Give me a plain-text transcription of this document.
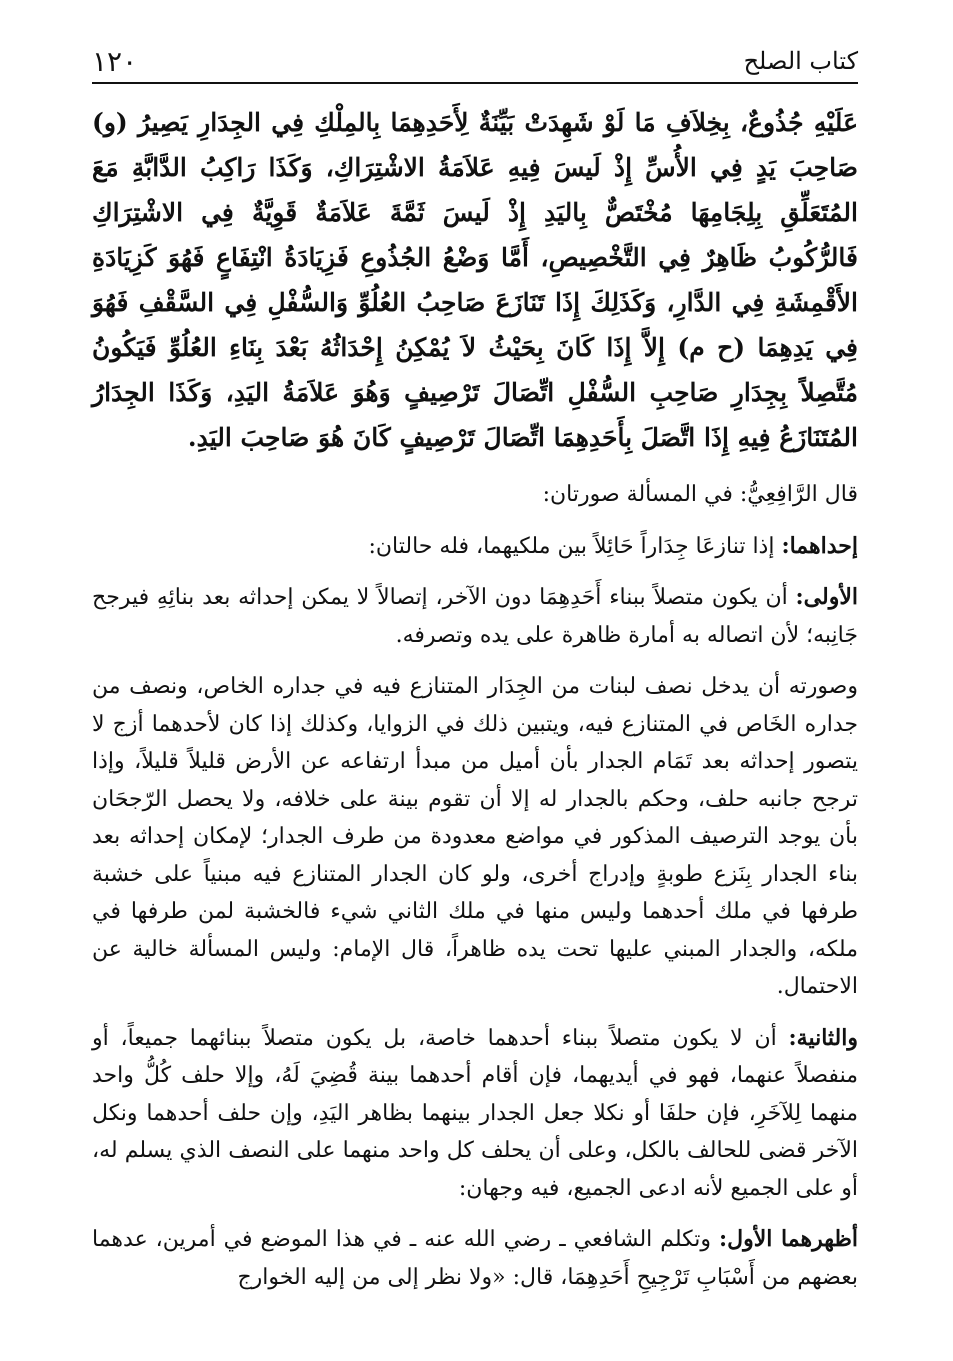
كتاب الصلح
١٢٠

عَلَيْهِ جُذُوعٌ، بِخِلاَفِ مَا لَوْ شَهِدَتْ بَيِّنَةٌ لِأَحَدِهِمَا بِالمِلْكِ فِي الجِدَارِ يَصِيرُ (و) صَاحِبَ يَدٍ فِي الأُسِّ إِذْ لَيسَ فِيهِ عَلاَمَةُ الاشْتِرَاكِ، وَكَذَا رَاكِبُ الدَّابَّةِ مَعَ المُتَعَلِّقِ بِلِجَامِهَا مُخْتَصٌّ بِاليَدِ إِذْ لَيسَ ثَمَّةَ عَلاَمَةٌ قَوِيَّةٌ فِي الاشْتِرَاكِ فَالرُّكُوبُ ظَاهِرٌ فِي التَّخْصِيصِ، أَمَّا وَضْعُ الجُذُوعِ فَزِيَادَةُ انْتِفَاعٍ فَهُوَ كَزِيَادَةِ الأَقْمِشَةِ فِي الدَّارِ، وَكَذَلِكَ إِذَا تَنَازَعَ صَاحِبُ العُلُوِّ وَالسُّفْلِ فِي السَّقْفِ فَهُوَ فِي يَدِهِمَا (ح م) إِلاَّ إِذَا كَانَ بِحَيْثُ لاَ يُمْكِنُ إِحْدَاثُهُ بَعْدَ بِنَاءِ العُلُوِّ فَيَكُونُ مُتَّصِلاً بِجِدَارِ صَاحِبِ السُّفْلِ اتِّصَالَ تَرْصِيفٍ وَهُوَ عَلاَمَةُ اليَدِ، وَكَذَا الجِدَارُ المُتَنَازَعُ فِيهِ إِذَا اتَّصَلَ بِأَحَدِهِمَا اتِّصَالَ تَرْصِيفٍ كَانَ هُوَ صَاحِبَ اليَدِ.

قال الرَّافِعِيُّ: في المسألة صورتان:

إحداهما: إذا تنازعَا جِدَاراً حَائِلاً بين ملكيهما، فله حالتان:

الأولى: أن يكون متصلاً ببناء أَحَدِهِمَا دون الآخر، إتصالاً لا يمكن إحداثه بعد بنائِهِ فيرجح جَانِبه؛ لأن اتصاله به أمارة ظاهرة على يده وتصرفه.

وصورته أن يدخل نصف لبنات من الجِدَار المتنازع فيه في جداره الخاص، ونصف من جداره الخَاص في المتنازع فيه، ويتبين ذلك في الزوايا، وكذلك إذا كان لأحدهما أزج لا يتصور إحداثه بعد تَمَام الجدار بأن أميل من مبدأ ارتفاعه عن الأرض قليلاً قليلاً، وإذا ترجح جانبه حلف، وحكم بالجدار له إلا أن تقوم بينة على خلافه، ولا يحصل الرّجحَان بأن يوجد الترصيف المذكور في مواضع معدودة من طرف الجدار؛ لإمكان إحداثه بعد بناء الجدار بِنَزع طوبةٍ وإدراج أخرى، ولو كان الجدار المتنازع فيه مبنياً على خشبة طرفها في ملك أحدهما وليس منها في ملك الثاني شيء فالخشبة لمن طرفها في ملكه، والجدار المبني عليها تحت يده ظاهراً، قال الإمام: وليس المسألة خالية عن الاحتمال.

والثانية: أن لا يكون متصلاً ببناء أحدهما خاصة، بل يكون متصلاً ببنائهما جميعاً، أو منفصلاً عنهما، فهو في أيديهما، فإن أقام أحدهما بينة قُضِيَ لَهُ، وإلا حلف كُلُّ واحد منهما لِلآخَرِ، فإن حلفَا أو نكلا جعل الجدار بينهما بظاهر اليَدِ، وإن حلف أحدهما ونكل الآخر قضى للحالف بالكل، وعلى أن يحلف كل واحد منهما على النصف الذي يسلم له، أو على الجميع لأنه ادعى الجميع، فيه وجهان:

أظهرهما الأول: وتكلم الشافعي ـ رضي الله عنه ـ في هذا الموضع في أمرين، عدهما بعضهم من أَسْبَابِ تَرْجِيحِ أَحَدِهِمَا، قال: «ولا نظر إلى من إليه الخوارج
